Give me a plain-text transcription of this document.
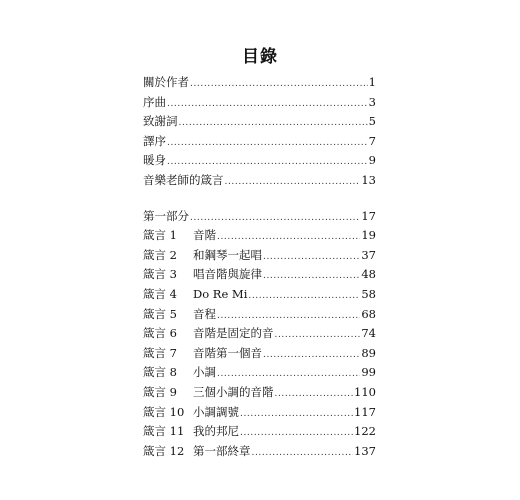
目錄
關於作者 .....	1
序曲 .....	3
致謝詞 .....	5
譯序 .....	7
暖身 .....	9
音樂老師的箴言 .....	13
第一部分 .....	17
箴言 1	音階 .....	19
箴言 2	和鋼琴一起唱 .....	37
箴言 3	唱音階與旋律 .....	48
箴言 4	Do Re Mi .....	58
箴言 5	音程 .....	68
箴言 6	音階是固定的音 .....	74
箴言 7	音階第一個音 .....	89
箴言 8	小調 .....	99
箴言 9	三個小調的音階 .....	110
箴言 10 小調調號 .....	117
箴言 11 我的邦尼 .....	122
箴言 12 第一部終章 .....	137
